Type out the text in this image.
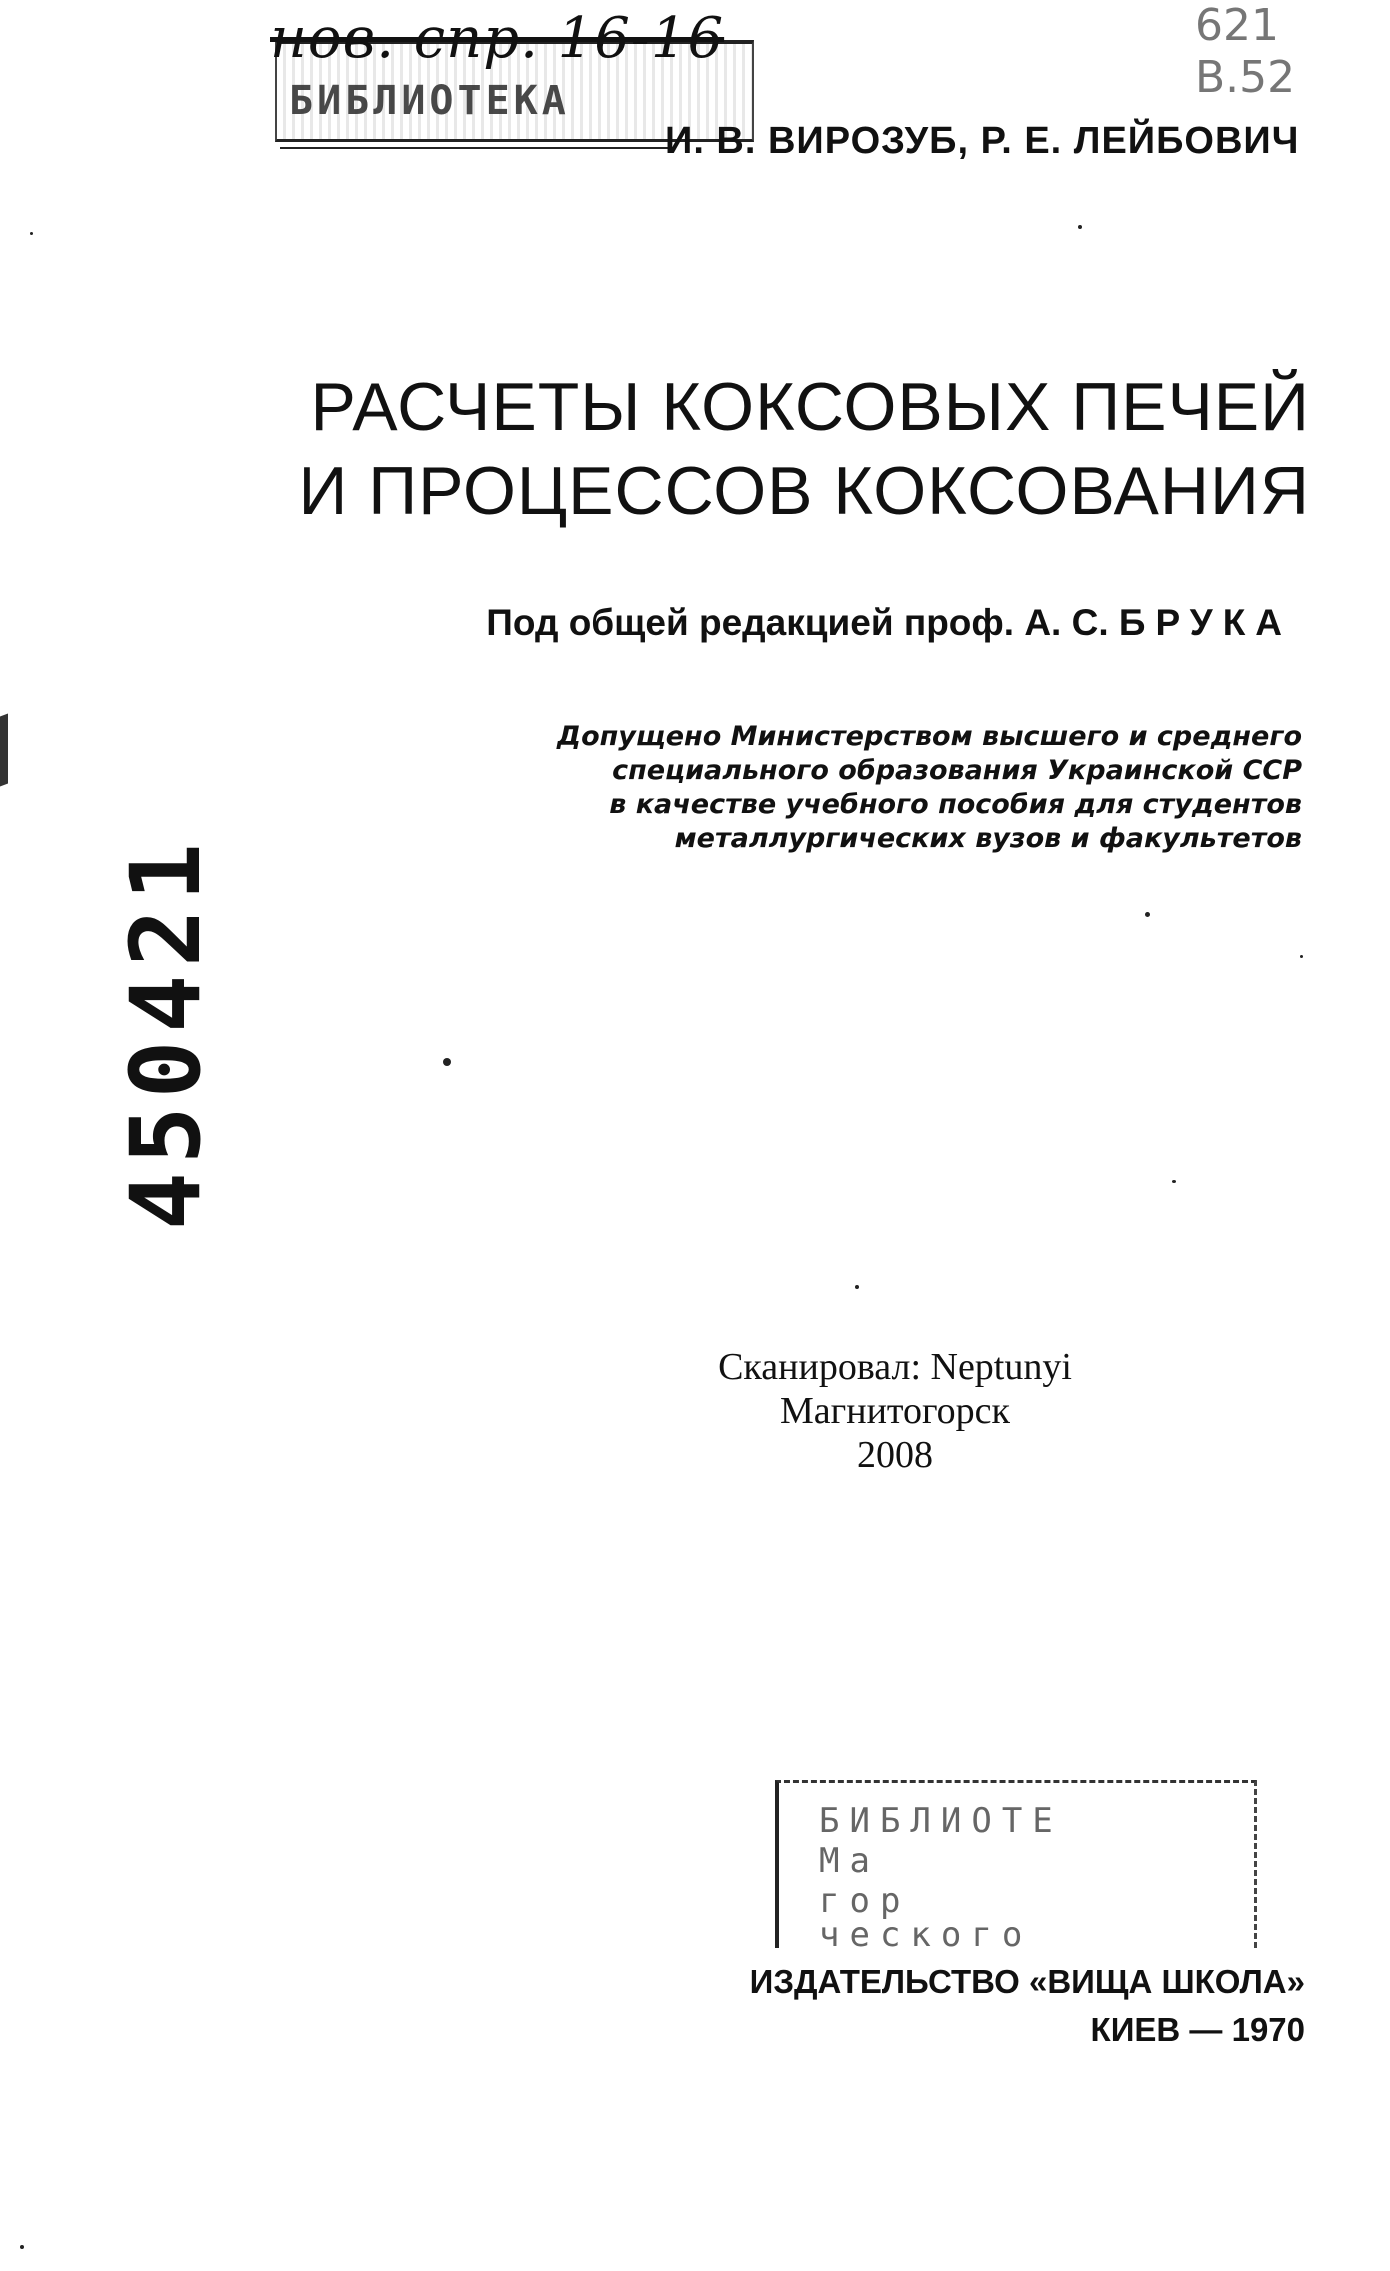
БИБЛИОТЕКА
нов. спр. 16-16	621
В.52
И. В. ВИРОЗУБ, Р. Е. ЛЕЙБОВИЧ
РАСЧЕТЫ КОКСОВЫХ ПЕЧЕЙ
И ПРОЦЕССОВ КОКСОВАНИЯ
Под общей редакцией проф. А. С. БРУКА
Допущено Министерством высшего и среднего
специального образования Украинской ССР
в качестве учебного пособия для студентов
металлургических вузов и факультетов
450421
Сканировал: Neptunyi
Магнитогорск
2008
БИБЛИОТЕ
Ма
гор
ческого
ИЗДАТЕЛЬСТВО «ВИЩА ШКОЛА»
КИЕВ — 1970
